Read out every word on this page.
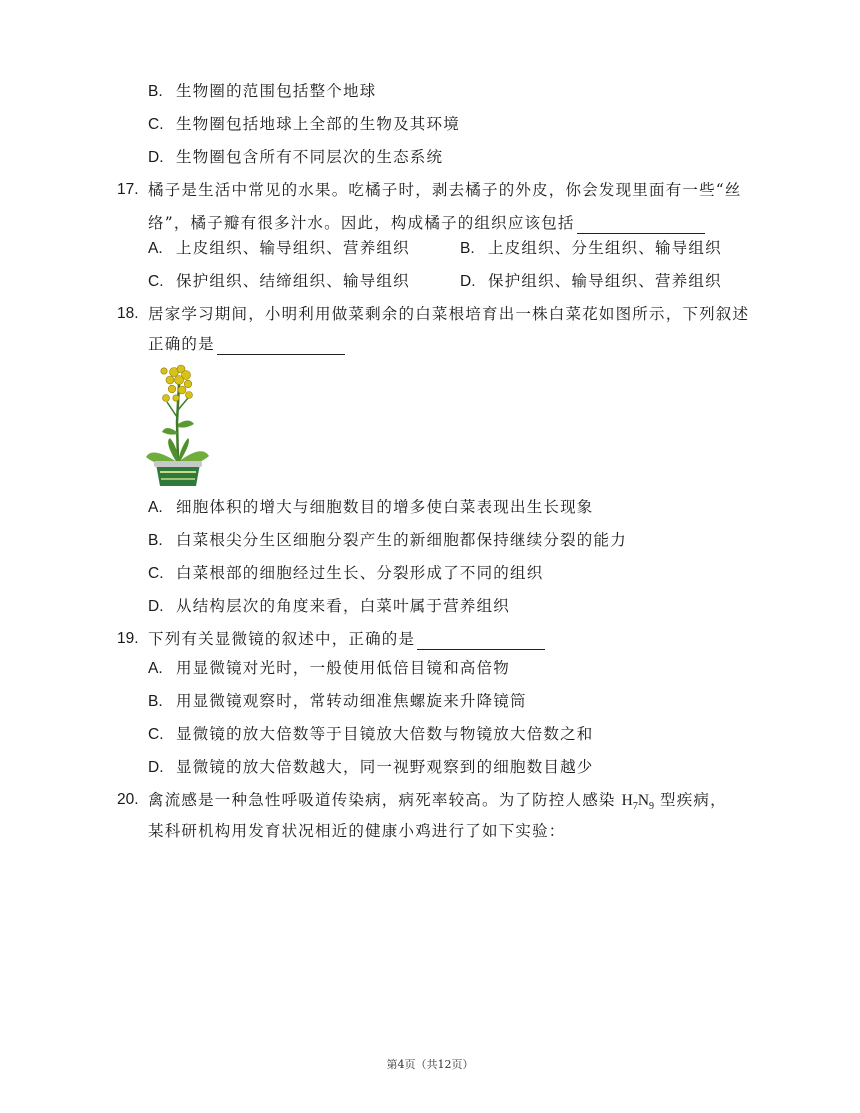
B. 生物圈的范围包括整个地球
C. 生物圈包括地球上全部的生物及其环境
D. 生物圈包含所有不同层次的生态系统
17. 橘子是生活中常见的水果。吃橘子时，剥去橘子的外皮，你会发现里面有一些“丝
络”，橘子瓣有很多汁水。因此，构成橘子的组织应该包括
A. 上皮组织、输导组织、营养组织	B. 上皮组织、分生组织、输导组织
C. 保护组织、结缔组织、输导组织	D. 保护组织、输导组织、营养组织
18. 居家学习期间，小明利用做菜剩余的白菜根培育出一株白菜花如图所示，下列叙述
正确的是
A. 细胞体积的增大与细胞数目的增多使白菜表现出生长现象
B. 白菜根尖分生区细胞分裂产生的新细胞都保持继续分裂的能力
C. 白菜根部的细胞经过生长、分裂形成了不同的组织
D. 从结构层次的角度来看，白菜叶属于营养组织
19. 下列有关显微镜的叙述中，正确的是
A. 用显微镜对光时，一般使用低倍目镜和高倍物
B. 用显微镜观察时，常转动细准焦螺旋来升降镜筒
C. 显微镜的放大倍数等于目镜放大倍数与物镜放大倍数之和
D. 显微镜的放大倍数越大，同一视野观察到的细胞数目越少
20. 禽流感是一种急性呼吸道传染病，病死率较高。为了防控人感染 $H_7N_9$ 型疾病，
某科研机构用发育状况相近的健康小鸡进行了如下实验：
第4页（共12页）
